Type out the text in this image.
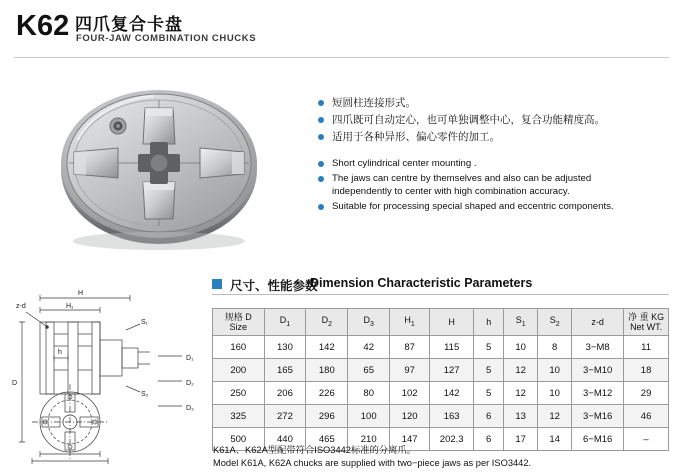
K62 四爪复合卡盘
FOUR-JAW COMBINATION CHUCKS
短圆柱连接形式。
四爪既可自动定心，也可单独调整中心，复合功能精度高。
适用于各种异形、偏心零件的加工。
Short cylindrical center mounting .
The jaws can centre by themselves and also can be adjusted independently to center with high combination accuracy.
Suitable for processing special shaped and eccentric components.
尺寸、性能参数
Dimension Characteristic Parameters
规格 D
Size
	$D_1$	$D_2$	$D_3$	$H_1$	H	h	$S_1$	$S_2$	z-d	净 重 KG
Net WT.

160	130	142	42	87	115	5	10	8	3−M8	11
200	165	180	65	97	127	5	12	10	3−M10	18
250	206	226	80	102	142	5	12	10	3−M12	29
325	272	296	100	120	163	6	13	12	3−M16	46
500	440	465	210	147	202.3	6	17	14	6−M16	–
K61A、K62A型配带符合ISO3442标准的分离爪。
Model K61A, K62A chucks are supplied with two−piece jaws as per ISO3442.
H
H₁
z-d
h
D
S₁
S₂
D₁
D₂
D₃
